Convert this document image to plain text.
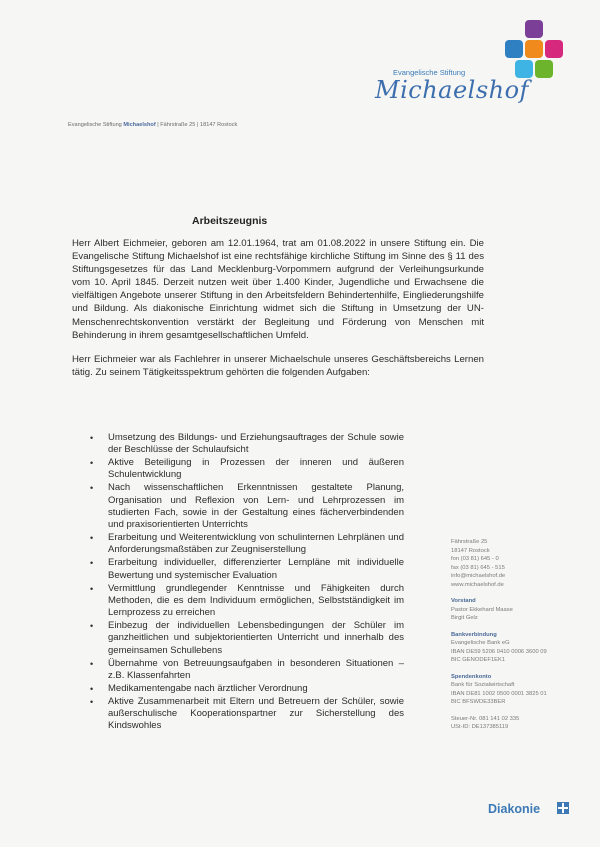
Evangelische Stiftung
Michaelshof
Evangelische Stiftung Michaelshof | Fährstraße 25 | 18147 Rostock
Arbeitszeugnis

Herr Albert Eichmeier, geboren am 12.01.1964, trat am 01.08.2022 in unsere Stiftung ein. Die Evangelische Stiftung Michaelshof ist eine rechtsfähige kirchliche Stiftung im Sinne des § 11 des Stiftungsgesetzes für das Land Mecklenburg-Vorpommern aufgrund der Verleihungsurkunde vom 10. April 1845. Derzeit nutzen weit über 1.400 Kinder, Jugendliche und Erwachsene die vielfältigen Angebote unserer Stiftung in den Arbeitsfeldern Behindertenhilfe, Eingliederungshilfe und Bildung. Als diakonische Einrichtung widmet sich die Stiftung in Umsetzung der UN-Menschenrechtskonvention verstärkt der Begleitung und Förderung von Menschen mit Behinderung in ihrem gesamtgesellschaftlichen Umfeld.

Herr Eichmeier war als Fachlehrer in unserer Michaelschule unseres Geschäftsbereichs Lernen tätig. Zu seinem Tätigkeitsspektrum gehörten die folgenden Aufgaben:

• Umsetzung des Bildungs- und Erziehungsauftrages der Schule sowie der Beschlüsse der Schulaufsicht
• Aktive Beteiligung in Prozessen der inneren und äußeren Schulentwicklung
• Nach wissenschaftlichen Erkenntnissen gestaltete Planung, Organisation und Reflexion von Lern- und Lehrprozessen im studierten Fach, sowie in der Gestaltung eines fächerverbindenden und praxisorientierten Unterrichts
• Erarbeitung und Weiterentwicklung von schulinternen Lehrplänen und Anforderungsmaßstäben zur Zeugniserstellung
• Erarbeitung individueller, differenzierter Lernpläne mit individuelle Bewertung und systemischer Evaluation
• Vermittlung grundlegender Kenntnisse und Fähigkeiten durch Methoden, die es dem Individuum ermöglichen, Selbstständigkeit im Lernprozess zu erreichen
• Einbezug der individuellen Lebensbedingungen der Schüler im ganzheitlichen und subjektorientierten Unterricht und innerhalb des gemeinsamen Schullebens
• Übernahme von Betreuungsaufgaben in besonderen Situationen – z.B. Klassenfahrten
• Medikamentengabe nach ärztlicher Verordnung
• Aktive Zusammenarbeit mit Eltern und Betreuern der Schüler, sowie außerschulische Kooperationspartner zur Sicherstellung des Kindswohles
Fährstraße 25
18147 Rostock
fon (03 81) 645 - 0
fax (03 81) 645 - 515
info@michaelshof.de
www.michaelshof.de
Vorstand
Pastor Ekkehard Maase
Birgit Gelz
Bankverbindung
Evangelische Bank eG
IBAN DE59 5206 0410 0006 3600 09
BIC GENODEF1EK1
Spendenkonto
Bank für Sozialwirtschaft
IBAN DE81 1002 0500 0001 3825 01
BIC BFSWDE33BER
Steuer-Nr. 081 141 02 335
USt-ID: DE137385119
Diakonie
